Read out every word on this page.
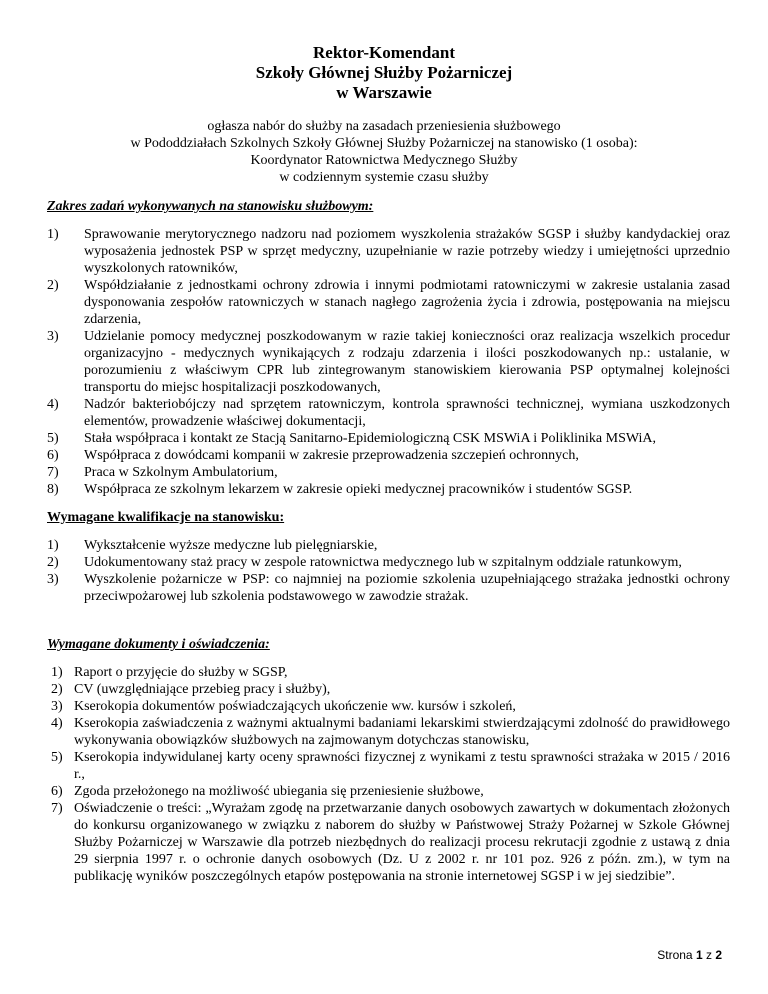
Rektor-Komendant
Szkoły Głównej Służby Pożarniczej
w Warszawie
ogłasza nabór do służby na zasadach przeniesienia służbowego
w Pododdziałach Szkolnych Szkoły Głównej Służby Pożarniczej na stanowisko (1 osoba):
Koordynator Ratownictwa Medycznego Służby
w codziennym systemie czasu służby
Zakres zadań wykonywanych na stanowisku służbowym:
1) Sprawowanie merytorycznego nadzoru nad poziomem wyszkolenia strażaków SGSP i służby kandydackiej oraz wyposażenia jednostek PSP w sprzęt medyczny, uzupełnianie w razie potrzeby wiedzy i umiejętności uprzednio wyszkolonych ratowników,
2) Współdziałanie z jednostkami ochrony zdrowia i innymi podmiotami ratowniczymi w zakresie ustalania zasad dysponowania zespołów ratowniczych w stanach nagłego zagrożenia życia i zdrowia, postępowania na miejscu zdarzenia,
3) Udzielanie pomocy medycznej poszkodowanym w razie takiej konieczności oraz realizacja wszelkich procedur organizacyjno - medycznych wynikających z rodzaju zdarzenia i ilości poszkodowanych np.: ustalanie, w porozumieniu z właściwym CPR lub zintegrowanym stanowiskiem kierowania PSP optymalnej kolejności transportu do miejsc hospitalizacji poszkodowanych,
4) Nadzór bakteriobójczy nad sprzętem ratowniczym, kontrola sprawności technicznej, wymiana uszkodzonych elementów, prowadzenie właściwej dokumentacji,
5) Stała współpraca i kontakt ze Stacją Sanitarno-Epidemiologiczną CSK MSWiA i Poliklinika MSWiA,
6) Współpraca z dowódcami kompanii w zakresie przeprowadzenia szczepień ochronnych,
7) Praca w Szkolnym Ambulatorium,
8) Współpraca ze szkolnym lekarzem w zakresie opieki medycznej pracowników i studentów SGSP.
Wymagane kwalifikacje na stanowisku:
1) Wykształcenie wyższe medyczne lub pielęgniarskie,
2) Udokumentowany staż pracy w zespole ratownictwa medycznego lub w szpitalnym oddziale ratunkowym,
3) Wyszkolenie pożarnicze w PSP: co najmniej na poziomie szkolenia uzupełniającego strażaka jednostki ochrony przeciwpożarowej lub szkolenia podstawowego w zawodzie strażak.
Wymagane dokumenty i oświadczenia:
1) Raport o przyjęcie do służby w SGSP,
2) CV (uwzględniające przebieg pracy i służby),
3) Kserokopia dokumentów poświadczających ukończenie ww. kursów i szkoleń,
4) Kserokopia zaświadczenia z ważnymi aktualnymi badaniami lekarskimi stwierdzającymi zdolność do prawidłowego wykonywania obowiązków służbowych na zajmowanym dotychczas stanowisku,
5) Kserokopia indywidulanej karty oceny sprawności fizycznej z wynikami z testu sprawności strażaka w 2015 / 2016 r.,
6) Zgoda przełożonego na możliwość ubiegania się przeniesienie służbowe,
7) Oświadczenie o treści: „Wyrażam zgodę na przetwarzanie danych osobowych zawartych w dokumentach złożonych do konkursu organizowanego w związku z naborem do służby w Państwowej Straży Pożarnej w Szkole Głównej Służby Pożarniczej w Warszawie dla potrzeb niezbędnych do realizacji procesu rekrutacji zgodnie z ustawą z dnia 29 sierpnia 1997 r. o ochronie danych osobowych (Dz. U z 2002 r. nr 101 poz. 926 z późn. zm.), w tym na publikację wyników poszczególnych etapów postępowania na stronie internetowej SGSP i w jej siedzibie”.
Strona 1 z 2
